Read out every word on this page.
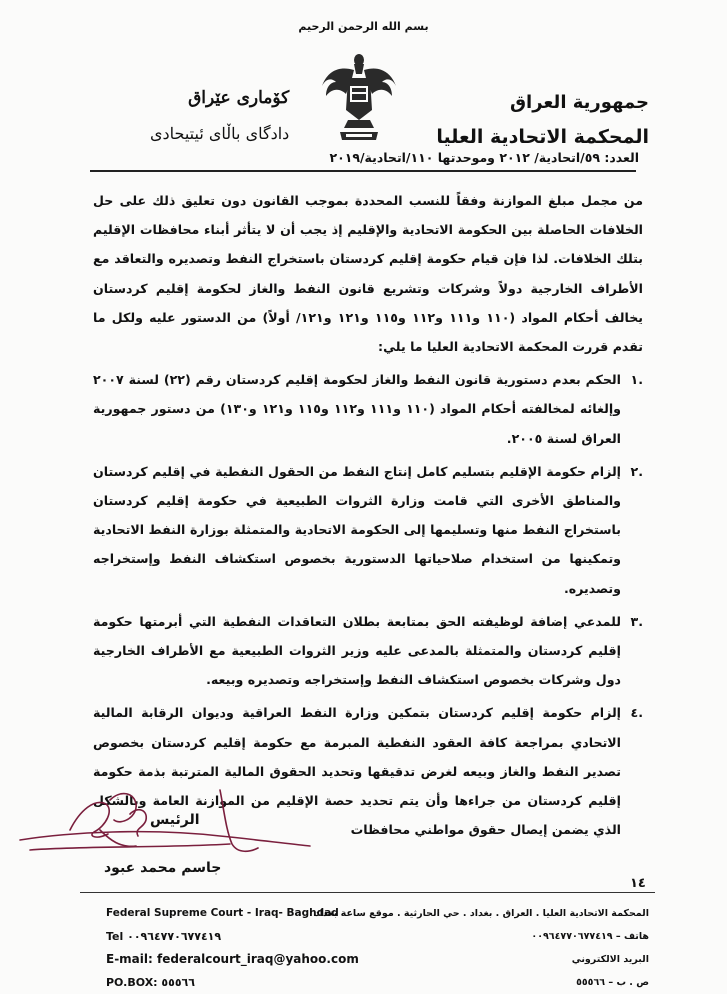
بسم الله الرحمن الرحيم
جمهورية العراق
المحكمة الاتحادية العليا
كۆماری عێراق
دادگای باڵای ئیتیحادی
العدد: ٥٩/اتحادية/ ٢٠١٢ وموحدتها ١١٠/اتحادية/٢٠١٩

من مجمل مبلغ الموازنة وفقاً للنسب المحددة بموجب القانون دون تعليق ذلك على حل الخلافات الحاصلة بين الحكومة الاتحادية والإقليم إذ يجب أن لا يتأثر أبناء محافظات الإقليم بتلك الخلافات. لذا فإن قيام حكومة إقليم كردستان باستخراج النفط وتصديره والتعاقد مع الأطراف الخارجية دولاً وشركات وتشريع قانون النفط والغاز لحكومة إقليم كردستان يخالف أحكام المواد (١١٠ و١١١ و١١٢ و١١٥ و١٢١ و١٢١/ أولاً) من الدستور عليه ولكل ما تقدم قررت المحكمة الاتحادية العليا ما يلي:

.١
الحكم بعدم دستورية قانون النفط والغاز لحكومة إقليم كردستان رقم (٢٢) لسنة ٢٠٠٧ وإلغائه لمخالفته أحكام المواد (١١٠ و١١١ و١١٢ و١١٥ و١٢١ و١٣٠) من دستور جمهورية العراق لسنة ٢٠٠٥.
.٢
إلزام حكومة الإقليم بتسليم كامل إنتاج النفط من الحقول النفطية في إقليم كردستان والمناطق الأخرى التي قامت وزارة الثروات الطبيعية في حكومة إقليم كردستان باستخراج النفط منها وتسليمها إلى الحكومة الاتحادية والمتمثلة بوزارة النفط الاتحادية وتمكينها من استخدام صلاحياتها الدستورية بخصوص استكشاف النفط وإستخراجه وتصديره.
.٣
للمدعي إضافة لوظيفته الحق بمتابعة بطلان التعاقدات النفطية التي أبرمتها حكومة إقليم كردستان والمتمثلة بالمدعى عليه وزير الثروات الطبيعية مع الأطراف الخارجية دول وشركات بخصوص استكشاف النفط وإستخراجه وتصديره وبيعه.
.٤
إلزام حكومة إقليم كردستان بتمكين وزارة النفط العراقية وديوان الرقابة المالية الاتحادي بمراجعة كافة العقود النفطية المبرمة مع حكومة إقليم كردستان بخصوص تصدير النفط والغاز وبيعه لغرض تدقيقها وتحديد الحقوق المالية المترتبة بذمة حكومة إقليم كردستان من جراءها وأن يتم تحديد حصة الإقليم من الموازنة العامة وبالشكل الذي يضمن إيصال حقوق مواطني محافظات
الرئيس
جاسم محمد عبود
١٤
Federal Supreme Court - Iraq- Baghdad
Tel ٠٠٩٦٤٧٧٠٦٧٧٤١٩
E-mail: federalcourt_iraq@yahoo.com
PO.BOX: ٥٥٥٦٦
المحكمة الاتحادية العليا . العراق . بغداد . حي الحارثية . موقع ساعة بغداد
هاتف – ٠٠٩٦٤٧٧٠٦٧٧٤١٩
البريد الالكتروني
ص . ب – ٥٥٥٦٦
